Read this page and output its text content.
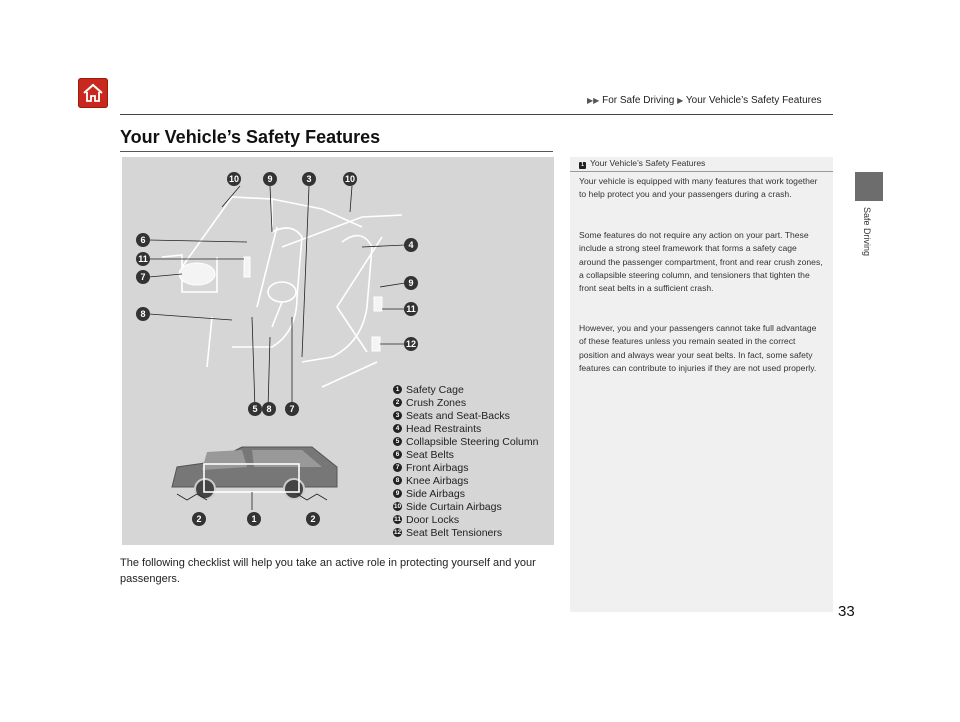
▶▶ For Safe Driving ▶ Your Vehicle’s Safety Features
Your Vehicle’s Safety Features
Safe Driving
10	9	3	10
6
11
7
8
4
9
11
12
5 8	7
2	1	2
1 Safety Cage
2 Crush Zones
3 Seats and Seat-Backs
4 Head Restraints
5 Collapsible Steering Column
6 Seat Belts
7 Front Airbags
8 Knee Airbags
9 Side Airbags
10 Side Curtain Airbags
11 Door Locks
12 Seat Belt Tensioners
The following checklist will help you take an active role in protecting yourself and your passengers.
1 Your Vehicle’s Safety Features
Your vehicle is equipped with many features that work together to help protect you and your passengers during a crash.
Some features do not require any action on your part. These include a strong steel framework that forms a safety cage around the passenger compartment, front and rear crush zones, a collapsible steering column, and tensioners that tighten the front seat belts in a sufficient crash.
However, you and your passengers cannot take full advantage of these features unless you remain seated in the correct position and always wear your seat belts. In fact, some safety features can contribute to injuries if they are not used properly.
33
